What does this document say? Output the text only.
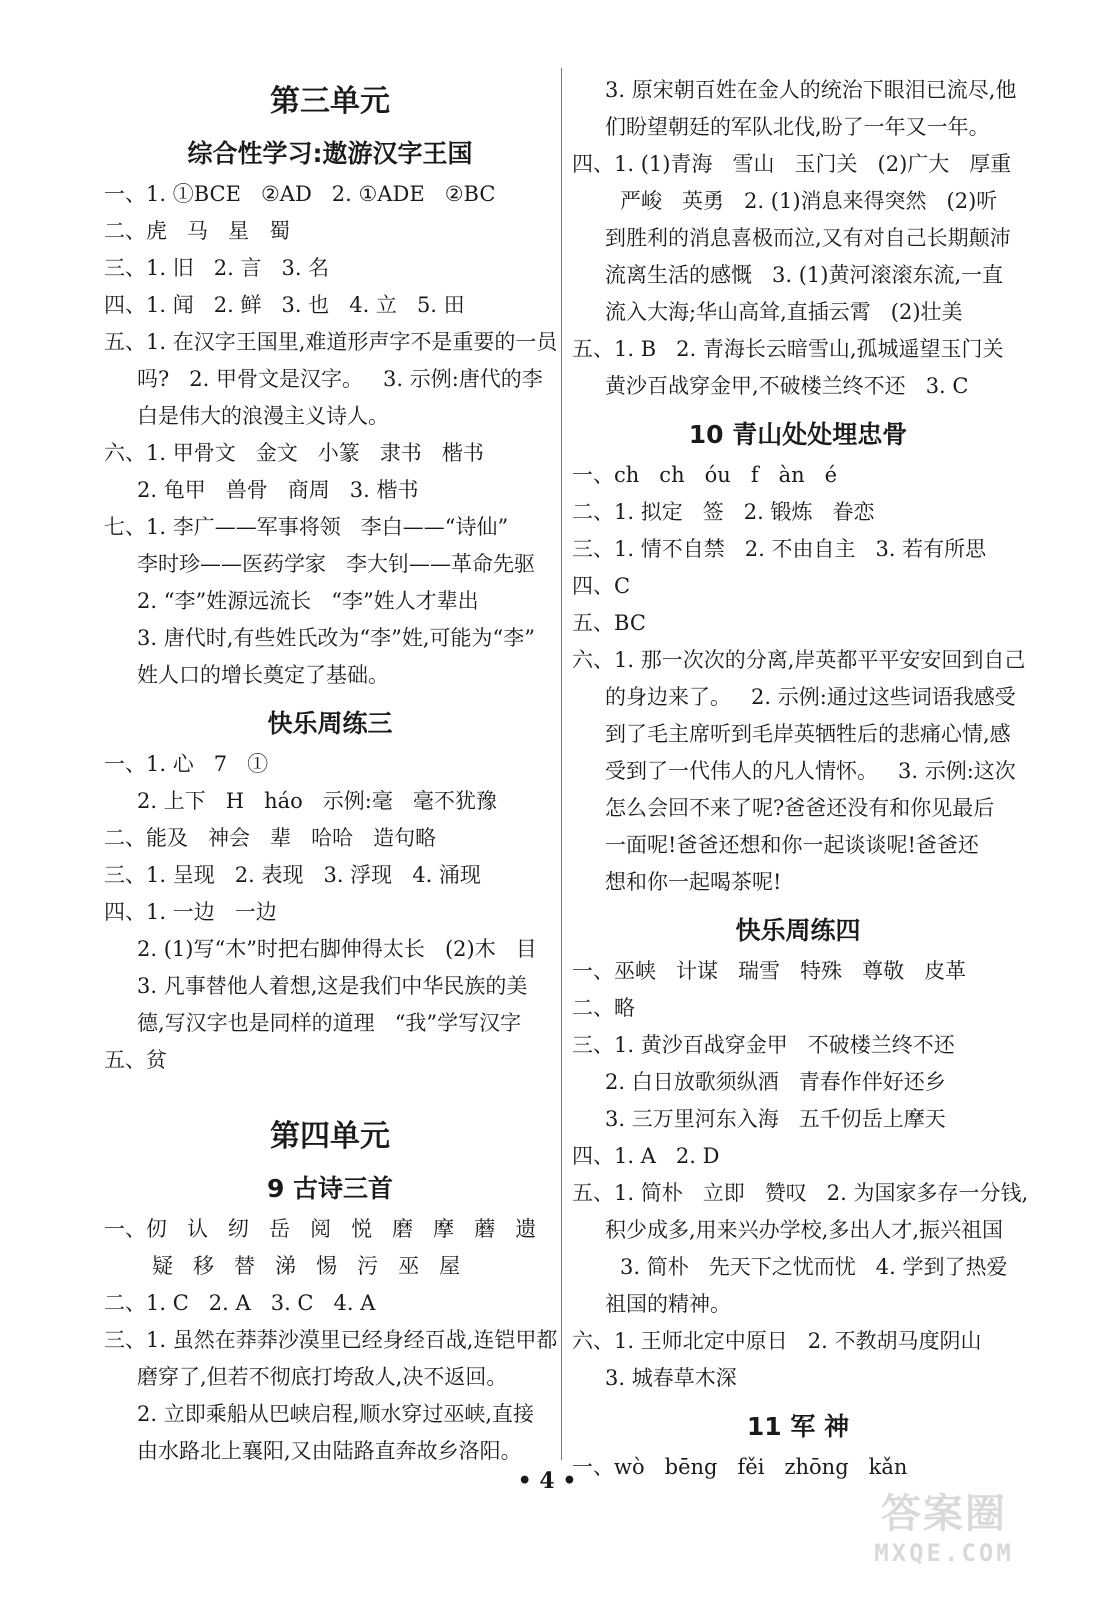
第三单元
综合性学习:遨游汉字王国
一、1. ①BCE   ②AD   2. ①ADE   ②BC
二、虎   马   星   蜀
三、1. 旧   2. 言   3. 名
四、1. 闻   2. 鲜   3. 也   4. 立   5. 田
五、1. 在汉字王国里,难道形声字不是重要的一员
吗?   2. 甲骨文是汉字。   3. 示例:唐代的李
白是伟大的浪漫主义诗人。
六、1. 甲骨文   金文   小篆   隶书   楷书
2. 龟甲   兽骨   商周   3. 楷书
七、1. 李广——军事将领   李白——“诗仙”
李时珍——医药学家   李大钊——革命先驱
2. “李”姓源远流长   “李”姓人才辈出
3. 唐代时,有些姓氏改为“李”姓,可能为“李”
姓人口的增长奠定了基础。
快乐周练三
一、1. 心   7   ①
2. 上下   H   háo   示例:毫   毫不犹豫
二、能及   神会   辈   哈哈   造句略
三、1. 呈现   2. 表现   3. 浮现   4. 涌现
四、1. 一边   一边
2. (1)写“木”时把右脚伸得太长   (2)木   目
3. 凡事替他人着想,这是我们中华民族的美
德,写汉字也是同样的道理   “我”学写汉字
五、贫
第四单元
9 古诗三首
一、仞   认   纫   岳   阅   悦   磨   摩   蘑   遗
疑   移   替   涕   惕   污   巫   屋
二、1. C   2. A   3. C   4. A
三、1. 虽然在莽莽沙漠里已经身经百战,连铠甲都
磨穿了,但若不彻底打垮敌人,决不返回。
2. 立即乘船从巴峡启程,顺水穿过巫峡,直接
由水路北上襄阳,又由陆路直奔故乡洛阳。
3. 原宋朝百姓在金人的统治下眼泪已流尽,他
们盼望朝廷的军队北伐,盼了一年又一年。
四、1. (1)青海   雪山   玉门关   (2)广大   厚重
严峻   英勇   2. (1)消息来得突然   (2)听
到胜利的消息喜极而泣,又有对自己长期颠沛
流离生活的感慨   3. (1)黄河滚滚东流,一直
流入大海;华山高耸,直插云霄   (2)壮美
五、1. B   2. 青海长云暗雪山,孤城遥望玉门关
黄沙百战穿金甲,不破楼兰终不还   3. C
10 青山处处埋忠骨
一、ch   ch   óu   f   àn   é
二、1. 拟定   签   2. 锻炼   眷恋
三、1. 情不自禁   2. 不由自主   3. 若有所思
四、C
五、BC
六、1. 那一次次的分离,岸英都平平安安回到自己
的身边来了。   2. 示例:通过这些词语我感受
到了毛主席听到毛岸英牺牲后的悲痛心情,感
受到了一代伟人的凡人情怀。   3. 示例:这次
怎么会回不来了呢?爸爸还没有和你见最后
一面呢!爸爸还想和你一起谈谈呢!爸爸还
想和你一起喝茶呢!
快乐周练四
一、巫峡   计谋   瑞雪   特殊   尊敬   皮革
二、略
三、1. 黄沙百战穿金甲   不破楼兰终不还
2. 白日放歌须纵酒   青春作伴好还乡
3. 三万里河东入海   五千仞岳上摩天
四、1. A   2. D
五、1. 简朴   立即   赞叹   2. 为国家多存一分钱,
积少成多,用来兴办学校,多出人才,振兴祖国
3. 简朴   先天下之忧而忧   4. 学到了热爱
祖国的精神。
六、1. 王师北定中原日   2. 不教胡马度阴山
3. 城春草木深
11 军 神
一、wò   bēng   fěi   zhōng   kǎn
• 4 •
答案圈
MXQE.COM
